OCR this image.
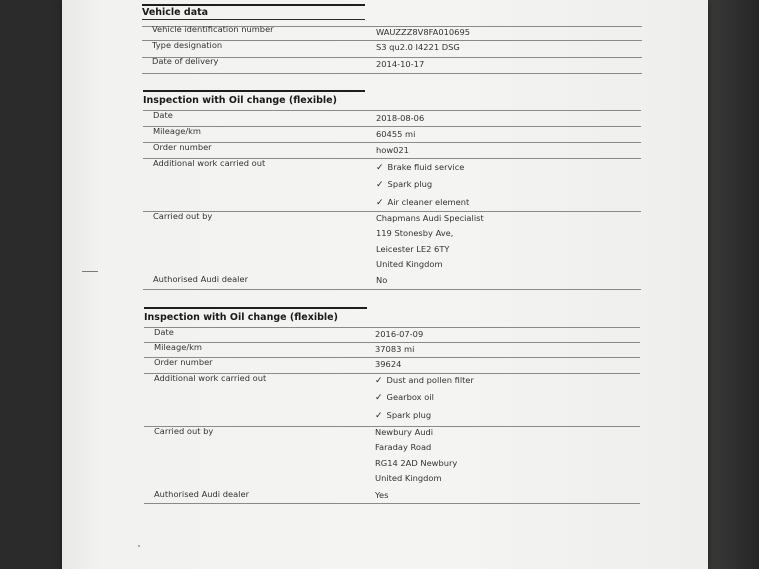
Vehicle data
Vehicle identification number	WAUZZZ8V8FA010695
Type designation	S3 qu2.0 I4221 DSG
Date of delivery	2014-10-17
Inspection with Oil change (flexible)
Date	2018-08-06
Mileage/km	60455 mi
Order number	how021
Additional work carried out	✓ Brake fluid service
✓ Spark plug
✓ Air cleaner element
Carried out by	Chapmans Audi Specialist
119 Stonesby Ave,
Leicester LE2 6TY
United Kingdom
Authorised Audi dealer	No
Inspection with Oil change (flexible)
Date	2016-07-09
Mileage/km	37083 mi
Order number	39624
Additional work carried out	✓ Dust and pollen filter
✓ Gearbox oil
✓ Spark plug
Carried out by	Newbury Audi
Faraday Road
RG14 2AD Newbury
United Kingdom
Authorised Audi dealer	Yes
